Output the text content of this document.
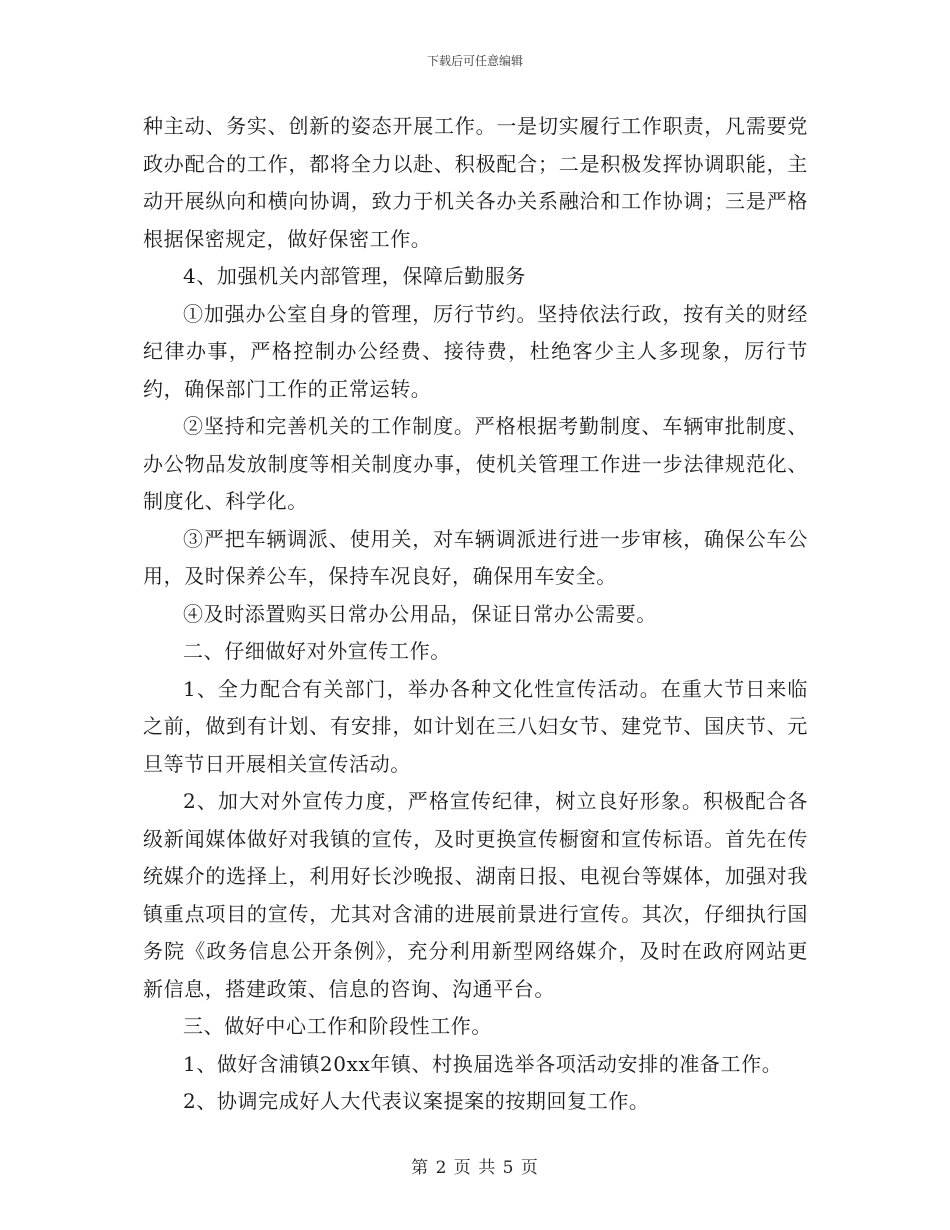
下载后可任意编辑

种主动、务实、创新的姿态开展工作。一是切实履行工作职责，凡需要党政办配合的工作，都将全力以赴、积极配合；二是积极发挥协调职能，主动开展纵向和横向协调，致力于机关各办关系融洽和工作协调；三是严格根据保密规定，做好保密工作。

4、加强机关内部管理，保障后勤服务

①加强办公室自身的管理，厉行节约。坚持依法行政，按有关的财经纪律办事，严格控制办公经费、接待费，杜绝客少主人多现象，厉行节约，确保部门工作的正常运转。

②坚持和完善机关的工作制度。严格根据考勤制度、车辆审批制度、办公物品发放制度等相关制度办事，使机关管理工作进一步法律规范化、制度化、科学化。

③严把车辆调派、使用关，对车辆调派进行进一步审核，确保公车公用，及时保养公车，保持车况良好，确保用车安全。

④及时添置购买日常办公用品，保证日常办公需要。

二、仔细做好对外宣传工作。

1、全力配合有关部门，举办各种文化性宣传活动。在重大节日来临之前，做到有计划、有安排，如计划在三八妇女节、建党节、国庆节、元旦等节日开展相关宣传活动。

2、加大对外宣传力度，严格宣传纪律，树立良好形象。积极配合各级新闻媒体做好对我镇的宣传，及时更换宣传橱窗和宣传标语。首先在传统媒介的选择上，利用好长沙晚报、湖南日报、电视台等媒体，加强对我镇重点项目的宣传，尤其对含浦的进展前景进行宣传。其次，仔细执行国务院《政务信息公开条例》，充分利用新型网络媒介，及时在政府网站更新信息，搭建政策、信息的咨询、沟通平台。

三、做好中心工作和阶段性工作。

1、做好含浦镇20xx年镇、村换届选举各项活动安排的准备工作。

2、协调完成好人大代表议案提案的按期回复工作。

第 2 页 共 5 页
